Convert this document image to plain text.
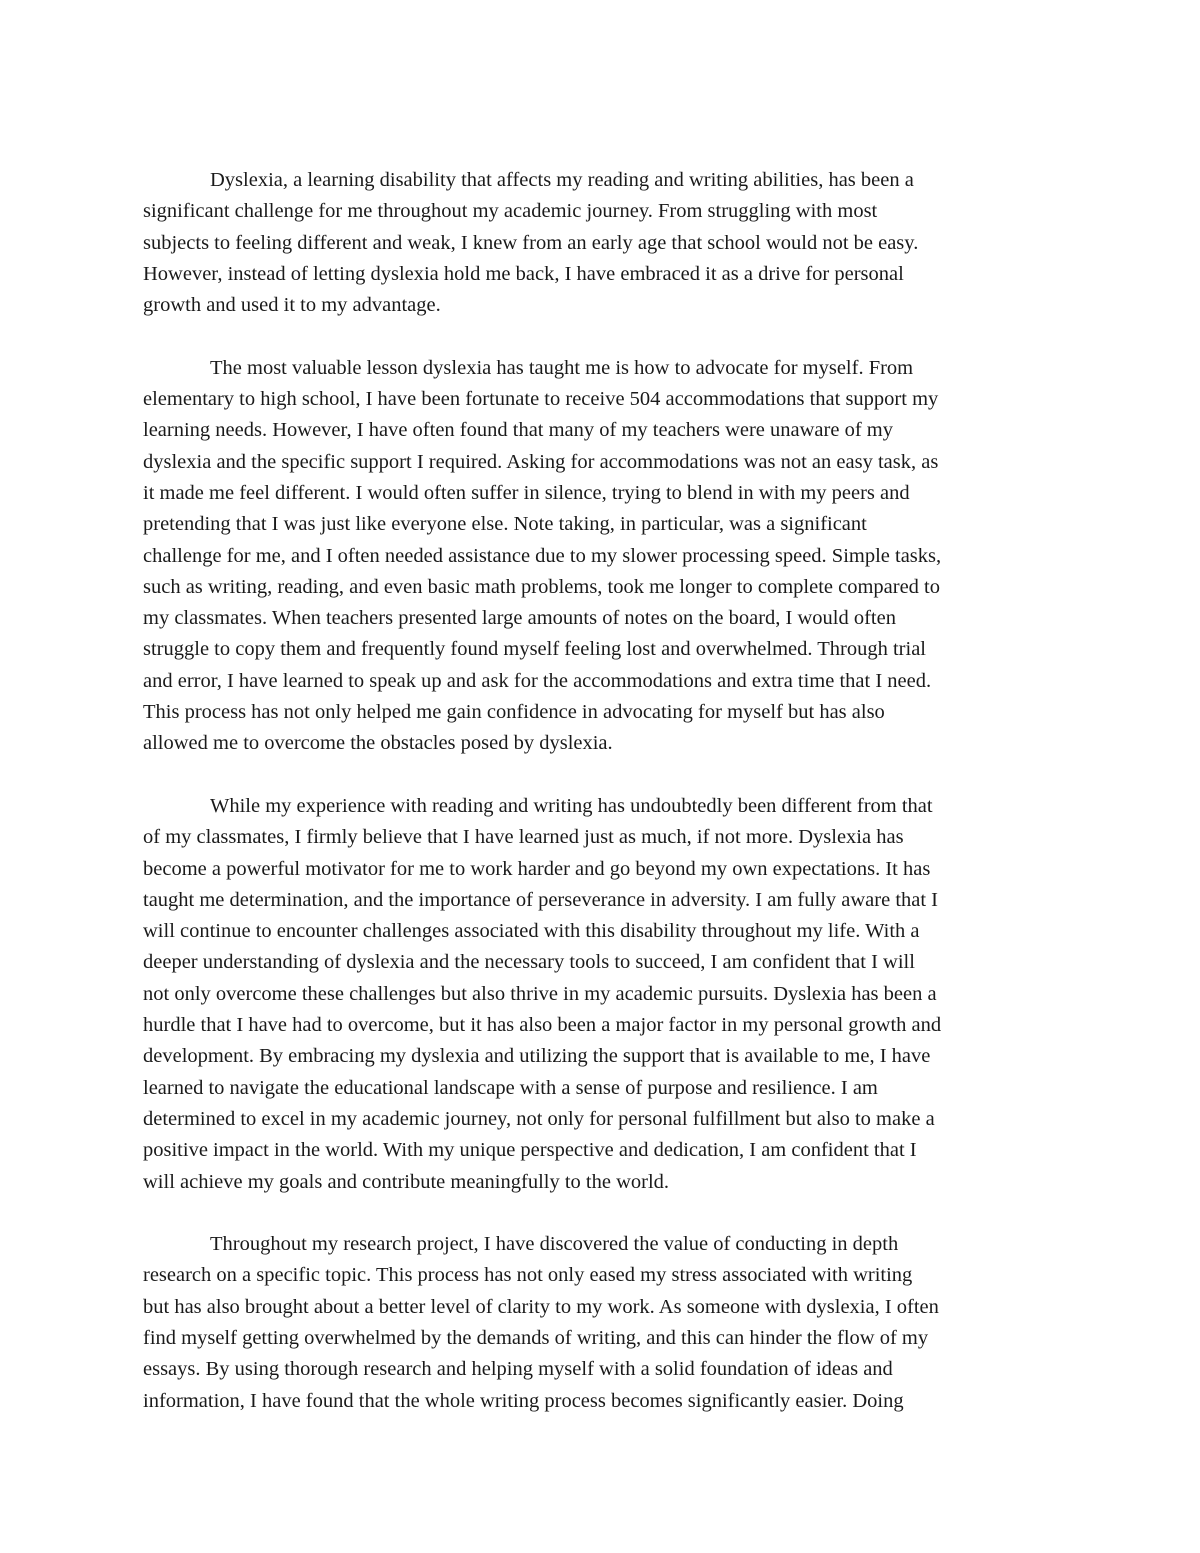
Dyslexia, a learning disability that affects my reading and writing abilities, has been a
significant challenge for me throughout my academic journey. From struggling with most
subjects to feeling different and weak, I knew from an early age that school would not be easy.
However, instead of letting dyslexia hold me back, I have embraced it as a drive for personal
growth and used it to my advantage.

The most valuable lesson dyslexia has taught me is how to advocate for myself. From
elementary to high school, I have been fortunate to receive 504 accommodations that support my
learning needs. However, I have often found that many of my teachers were unaware of my
dyslexia and the specific support I required. Asking for accommodations was not an easy task, as
it made me feel different. I would often suffer in silence, trying to blend in with my peers and
pretending that I was just like everyone else. Note taking, in particular, was a significant
challenge for me, and I often needed assistance due to my slower processing speed. Simple tasks,
such as writing, reading, and even basic math problems, took me longer to complete compared to
my classmates. When teachers presented large amounts of notes on the board, I would often
struggle to copy them and frequently found myself feeling lost and overwhelmed. Through trial
and error, I have learned to speak up and ask for the accommodations and extra time that I need.
This process has not only helped me gain confidence in advocating for myself but has also
allowed me to overcome the obstacles posed by dyslexia.

While my experience with reading and writing has undoubtedly been different from that
of my classmates, I firmly believe that I have learned just as much, if not more. Dyslexia has
become a powerful motivator for me to work harder and go beyond my own expectations. It has
taught me determination, and the importance of perseverance in adversity. I am fully aware that I
will continue to encounter challenges associated with this disability throughout my life. With a
deeper understanding of dyslexia and the necessary tools to succeed, I am confident that I will
not only overcome these challenges but also thrive in my academic pursuits. Dyslexia has been a
hurdle that I have had to overcome, but it has also been a major factor in my personal growth and
development. By embracing my dyslexia and utilizing the support that is available to me, I have
learned to navigate the educational landscape with a sense of purpose and resilience. I am
determined to excel in my academic journey, not only for personal fulfillment but also to make a
positive impact in the world. With my unique perspective and dedication, I am confident that I
will achieve my goals and contribute meaningfully to the world.

Throughout my research project, I have discovered the value of conducting in depth
research on a specific topic. This process has not only eased my stress associated with writing
but has also brought about a better level of clarity to my work. As someone with dyslexia, I often
find myself getting overwhelmed by the demands of writing, and this can hinder the flow of my
essays. By using thorough research and helping myself with a solid foundation of ideas and
information, I have found that the whole writing process becomes significantly easier. Doing
